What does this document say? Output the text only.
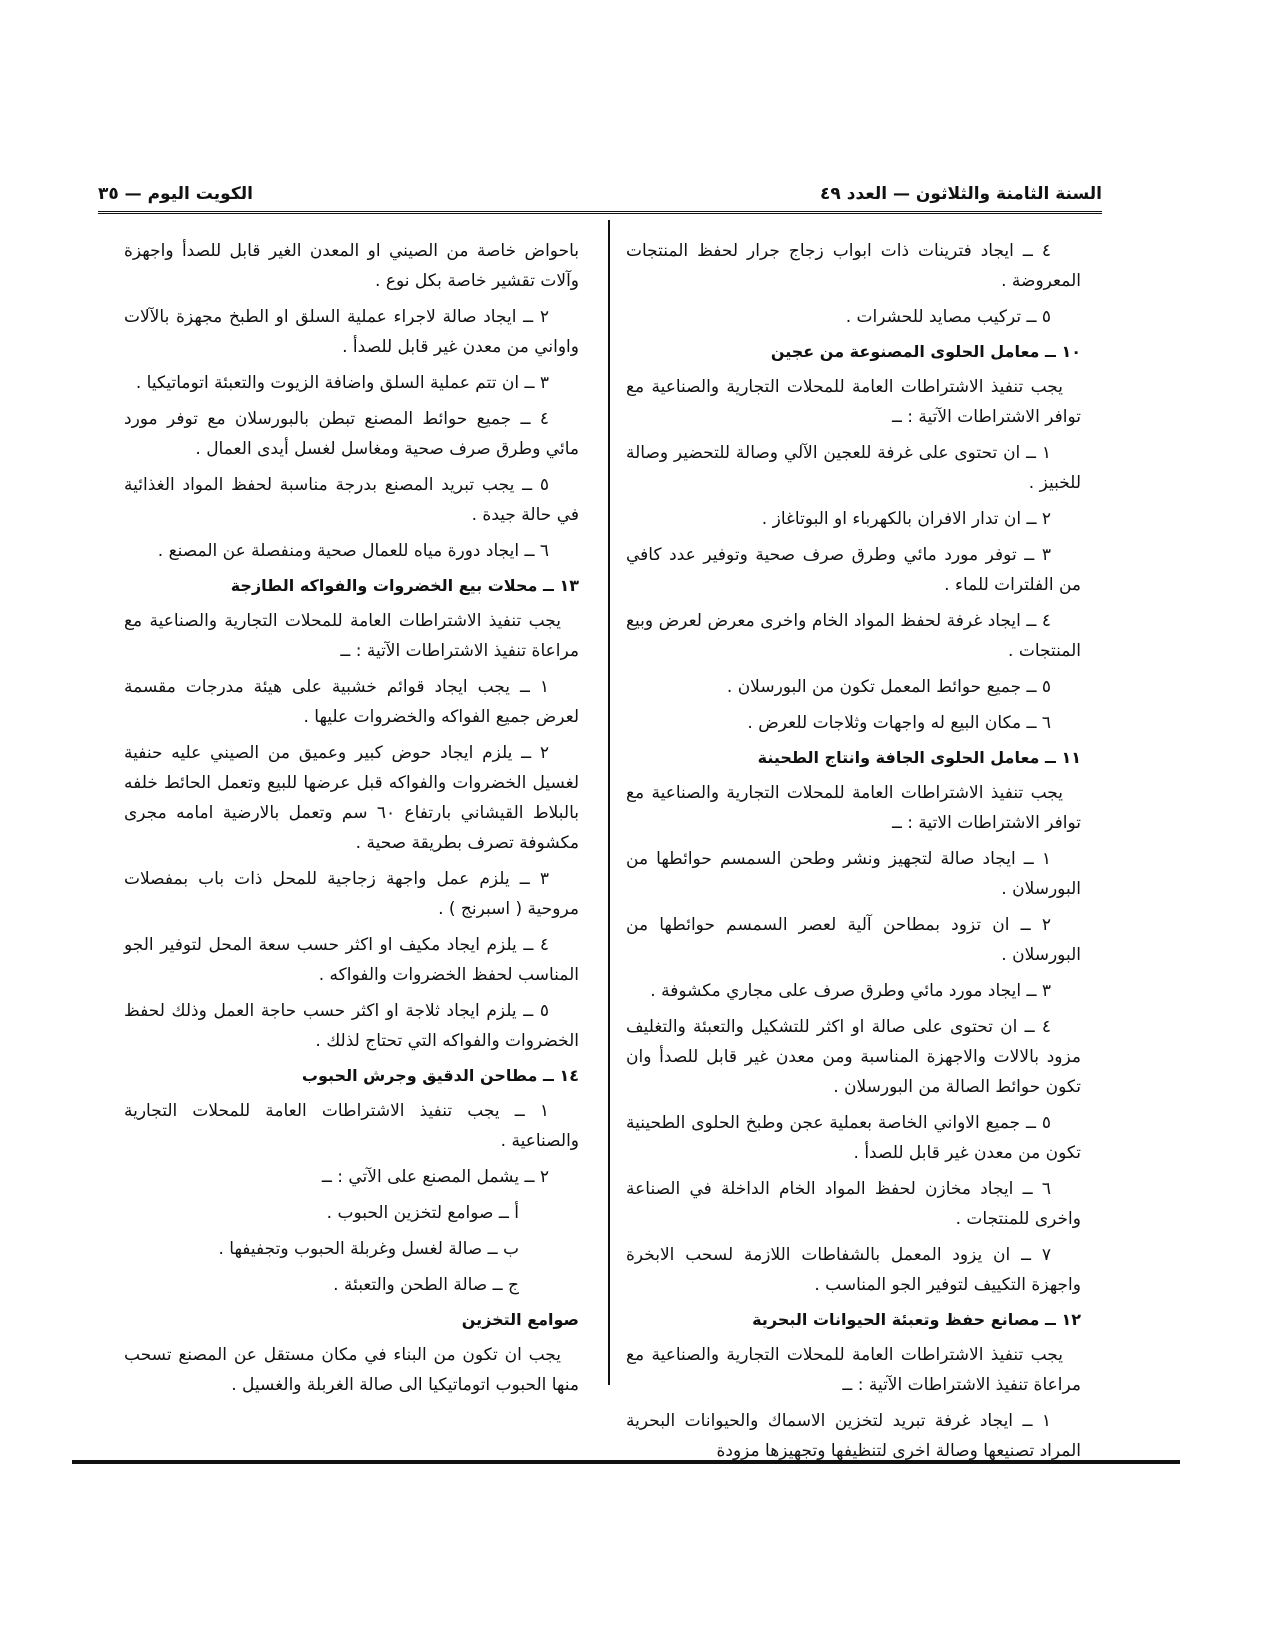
السنة الثامنة والثلاثون — العدد ٤٩
الكويت اليوم — ٣٥

٤ ــ ايجاد فترينات ذات ابواب زجاج جرار لحفظ المنتجات المعروضة .

٥ ــ تركيب مصايد للحشرات .

١٠ ــ معامل الحلوى المصنوعة من عجين

يجب تنفيذ الاشتراطات العامة للمحلات التجارية والصناعية مع توافر الاشتراطات الآتية : ــ

١ ــ ان تحتوى على غرفة للعجين الآلي وصالة للتحضير وصالة للخبيز .

٢ ــ ان تدار الافران بالكهرباء او البوتاغاز .

٣ ــ توفر مورد مائي وطرق صرف صحية وتوفير عدد كافي من الفلترات للماء .

٤ ــ ايجاد غرفة لحفظ المواد الخام واخرى معرض لعرض وبيع المنتجات .

٥ ــ جميع حوائط المعمل تكون من البورسلان .

٦ ــ مكان البيع له واجهات وثلاجات للعرض .

١١ ــ معامل الحلوى الجافة وانتاج الطحينة

يجب تنفيذ الاشتراطات العامة للمحلات التجارية والصناعية مع توافر الاشتراطات الاتية : ــ

١ ــ ايجاد صالة لتجهيز ونشر وطحن السمسم حوائطها من البورسلان .

٢ ــ ان تزود بمطاحن آلية لعصر السمسم حوائطها من البورسلان .

٣ ــ ايجاد مورد مائي وطرق صرف على مجاري مكشوفة .

٤ ــ ان تحتوى على صالة او اكثر للتشكيل والتعبئة والتغليف مزود بالالات والاجهزة المناسبة ومن معدن غير قابل للصدأ وان تكون حوائط الصالة من البورسلان .

٥ ــ جميع الاواني الخاصة بعملية عجن وطبخ الحلوى الطحينية تكون من معدن غير قابل للصدأ .

٦ ــ ايجاد مخازن لحفظ المواد الخام الداخلة في الصناعة واخرى للمنتجات .

٧ ــ ان يزود المعمل بالشفاطات اللازمة لسحب الابخرة واجهزة التكييف لتوفير الجو المناسب .

١٢ ــ مصانع حفظ وتعبئة الحيوانات البحرية

يجب تنفيذ الاشتراطات العامة للمحلات التجارية والصناعية مع مراعاة تنفيذ الاشتراطات الآتية : ــ

١ ــ ايجاد غرفة تبريد لتخزين الاسماك والحيوانات البحرية المراد تصنيعها وصالة اخرى لتنظيفها وتجهيزها مزودة

باحواض خاصة من الصيني او المعدن الغير قابل للصدأ واجهزة وآلات تقشير خاصة بكل نوع .

٢ ــ ايجاد صالة لاجراء عملية السلق او الطبخ مجهزة بالآلات واواني من معدن غير قابل للصدأ .

٣ ــ ان تتم عملية السلق واضافة الزيوت والتعبئة اتوماتيكيا .

٤ ــ جميع حوائط المصنع تبطن بالبورسلان مع توفر مورد مائي وطرق صرف صحية ومغاسل لغسل أيدى العمال .

٥ ــ يجب تبريد المصنع بدرجة مناسبة لحفظ المواد الغذائية في حالة جيدة .

٦ ــ ايجاد دورة مياه للعمال صحية ومنفصلة عن المصنع .

١٣ ــ محلات بيع الخضروات والفواكه الطازجة

يجب تنفيذ الاشتراطات العامة للمحلات التجارية والصناعية مع مراعاة تنفيذ الاشتراطات الآتية : ــ

١ ــ يجب ايجاد قوائم خشبية على هيئة مدرجات مقسمة لعرض جميع الفواكه والخضروات عليها .

٢ ــ يلزم ايجاد حوض كبير وعميق من الصيني عليه حنفية لغسيل الخضروات والفواكه قبل عرضها للبيع وتعمل الحائط خلفه بالبلاط القيشاني بارتفاع ٦٠ سم وتعمل بالارضية امامه مجرى مكشوفة تصرف بطريقة صحية .

٣ ــ يلزم عمل واجهة زجاجية للمحل ذات باب بمفصلات مروحية ( اسبرنج ) .

٤ ــ يلزم ايجاد مكيف او اكثر حسب سعة المحل لتوفير الجو المناسب لحفظ الخضروات والفواكه .

٥ ــ يلزم ايجاد ثلاجة او اكثر حسب حاجة العمل وذلك لحفظ الخضروات والفواكه التي تحتاج لذلك .

١٤ ــ مطاحن الدقيق وجرش الحبوب

١ ــ يجب تنفيذ الاشتراطات العامة للمحلات التجارية والصناعية .

٢ ــ يشمل المصنع على الآتي : ــ

أ ــ صوامع لتخزين الحبوب .

ب ــ صالة لغسل وغربلة الحبوب وتجفيفها .

ج ــ صالة الطحن والتعبئة .

صوامع التخزين

يجب ان تكون من البناء في مكان مستقل عن المصنع تسحب منها الحبوب اتوماتيكيا الى صالة الغربلة والغسيل .
